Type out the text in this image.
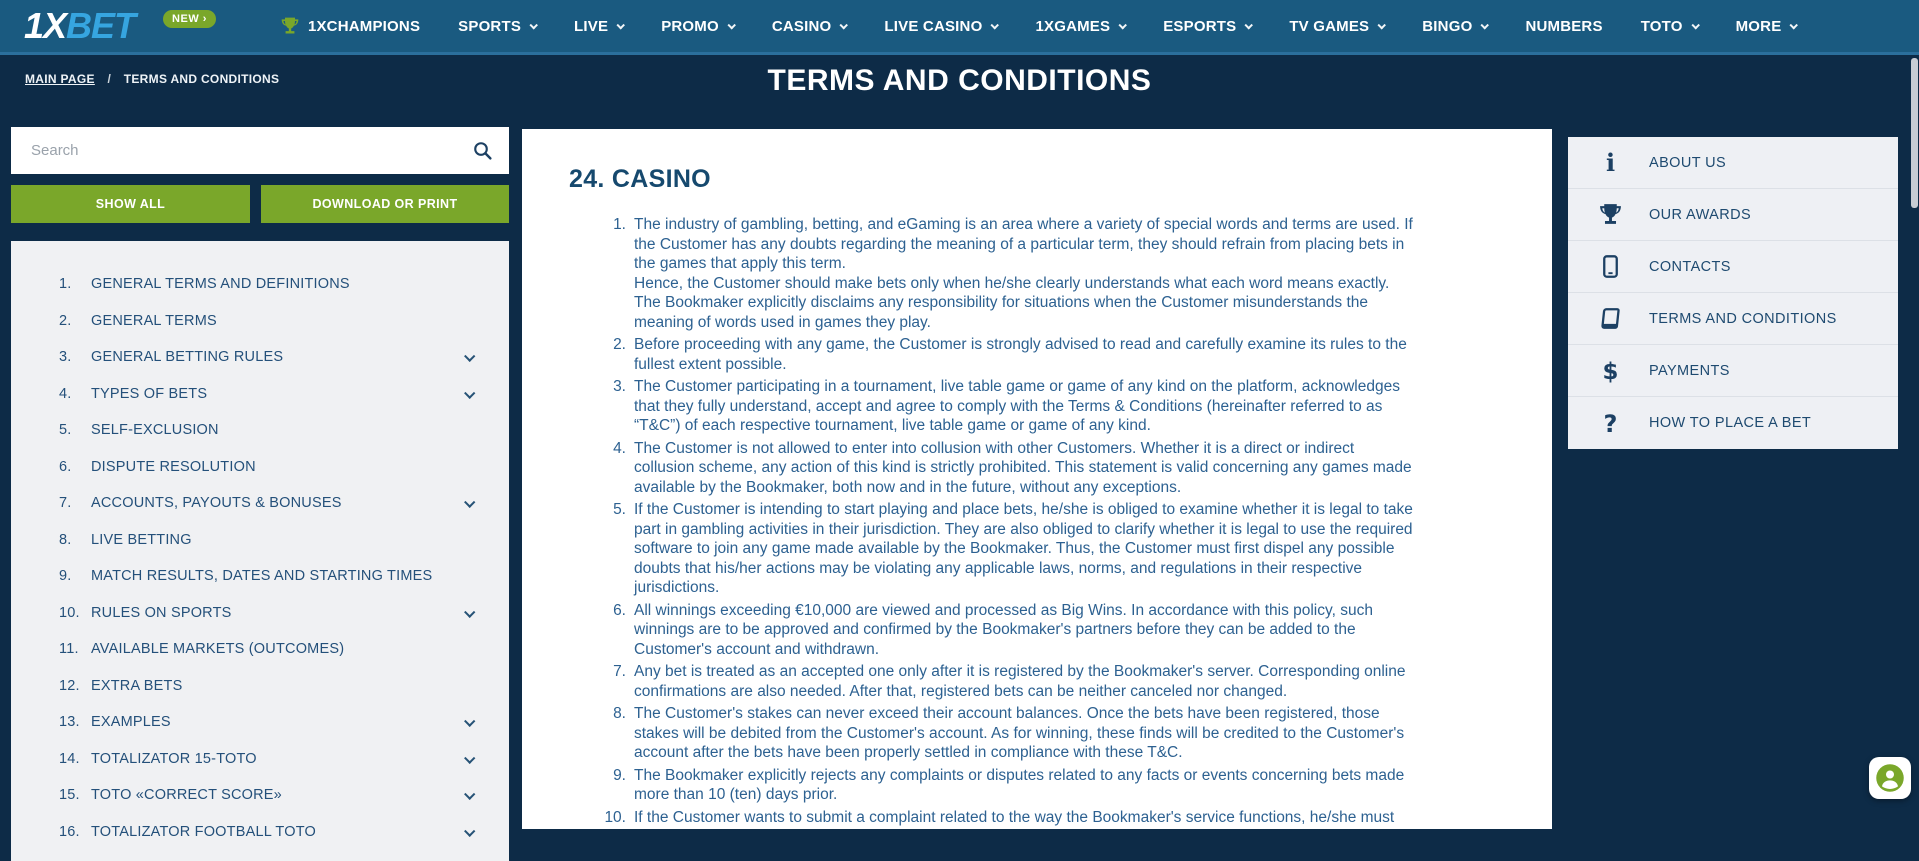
1XBET	NEW ›	1XCHAMPIONS	SPORTS	LIVE	PROMO	CASINO	LIVE CASINO	1XGAMES	ESPORTS	TV GAMES	BINGO	NUMBERS	TOTO	MORE
MAIN PAGE / TERMS AND CONDITIONS	TERMS AND CONDITIONS
Search
SHOW ALL	DOWNLOAD OR PRINT
1.	GENERAL TERMS AND DEFINITIONS
2.	GENERAL TERMS
3.	GENERAL BETTING RULES
4.	TYPES OF BETS
5.	SELF-EXCLUSION
6.	DISPUTE RESOLUTION
7.	ACCOUNTS, PAYOUTS & BONUSES
8.	LIVE BETTING
9.	MATCH RESULTS, DATES AND STARTING TIMES
10. RULES ON SPORTS
11. AVAILABLE MARKETS (OUTCOMES)
12. EXTRA BETS
13. EXAMPLES
14. TOTALIZATOR 15-TOTO
15. TOTO «CORRECT SCORE»
16. TOTALIZATOR FOOTBALL TOTO
24. CASINO
1. The industry of gambling, betting, and eGaming is an area where a variety of special words and terms are used. If the Customer has any doubts regarding the meaning of a particular term, they should refrain from placing bets in the games that apply this term.
Hence, the Customer should make bets only when he/she clearly understands what each word means exactly. The Bookmaker explicitly disclaims any responsibility for situations when the Customer misunderstands the meaning of words used in games they play.
2. Before proceeding with any game, the Customer is strongly advised to read and carefully examine its rules to the fullest extent possible.
3. The Customer participating in a tournament, live table game or game of any kind on the platform, acknowledges that they fully understand, accept and agree to comply with the Terms & Conditions (hereinafter referred to as “T&C”) of each respective tournament, live table game or game of any kind.
4. The Customer is not allowed to enter into collusion with other Customers. Whether it is a direct or indirect collusion scheme, any action of this kind is strictly prohibited. This statement is valid concerning any games made available by the Bookmaker, both now and in the future, without any exceptions.
5. If the Customer is intending to start playing and place bets, he/she is obliged to examine whether it is legal to take part in gambling activities in their jurisdiction. They are also obliged to clarify whether it is legal to use the required software to join any game made available by the Bookmaker. Thus, the Customer must first dispel any possible doubts that his/her actions may be violating any applicable laws, norms, and regulations in their respective jurisdictions.
6. All winnings exceeding €10,000 are viewed and processed as Big Wins. In accordance with this policy, such winnings are to be approved and confirmed by the Bookmaker's partners before they can be added to the Customer's account and withdrawn.
7. Any bet is treated as an accepted one only after it is registered by the Bookmaker's server. Corresponding online confirmations are also needed. After that, registered bets can be neither canceled nor changed.
8. The Customer's stakes can never exceed their account balances. Once the bets have been registered, those stakes will be debited from the Customer's account. As for winning, these finds will be credited to the Customer's account after the bets have been properly settled in compliance with these T&C.
9. The Bookmaker explicitly rejects any complaints or disputes related to any facts or events concerning bets made more than 10 (ten) days prior.
10. If the Customer wants to submit a complaint related to the way the Bookmaker's service functions, he/she must
i ABOUT US
OUR AWARDS
CONTACTS
TERMS AND CONDITIONS
$ PAYMENTS
? HOW TO PLACE A BET
